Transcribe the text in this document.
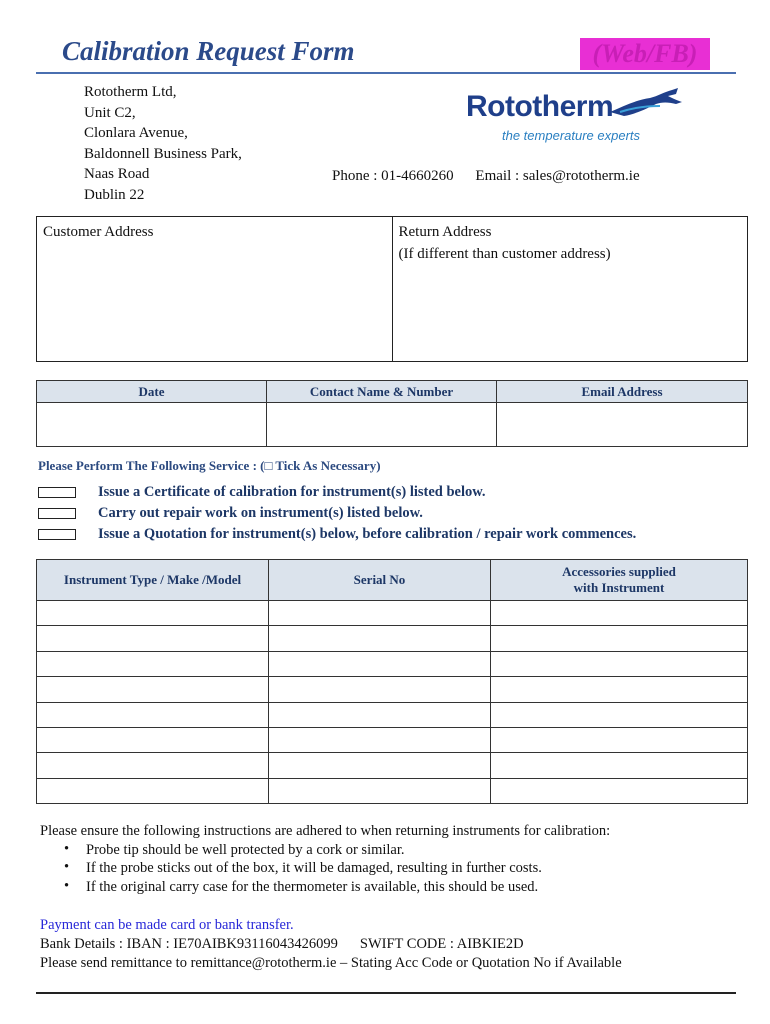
Calibration Request Form	(Web/FB)
Rototherm Ltd,
Unit C2,
Clonlara Avenue,
Baldonnell Business Park,
Naas Road
Dublin 22
Rototherm
the temperature experts
Phone : 01-4660260 Email : sales@rototherm.ie
Customer Address	Return Address
(If different than customer address)
Date	Contact Name & Number	Email Address

Please Perform The Following Service : (□ Tick As Necessary)
Issue a Certificate of calibration for instrument(s) listed below.
Carry out repair work on instrument(s) listed below.
Issue a Quotation for instrument(s) below, before calibration / repair work commences.
Instrument Type / Make /Model	Serial No	Accessories supplied
with Instrument

Please ensure the following instructions are adhered to when returning instruments for calibration:
• Probe tip should be well protected by a cork or similar.
• If the probe sticks out of the box, it will be damaged, resulting in further costs.
• If the original carry case for the thermometer is available, this should be used.
Payment can be made card or bank transfer.
Bank Details : IBAN : IE70AIBK93116043426099 SWIFT CODE : AIBKIE2D
Please send remittance to remittance@rototherm.ie – Stating Acc Code or Quotation No if Available
